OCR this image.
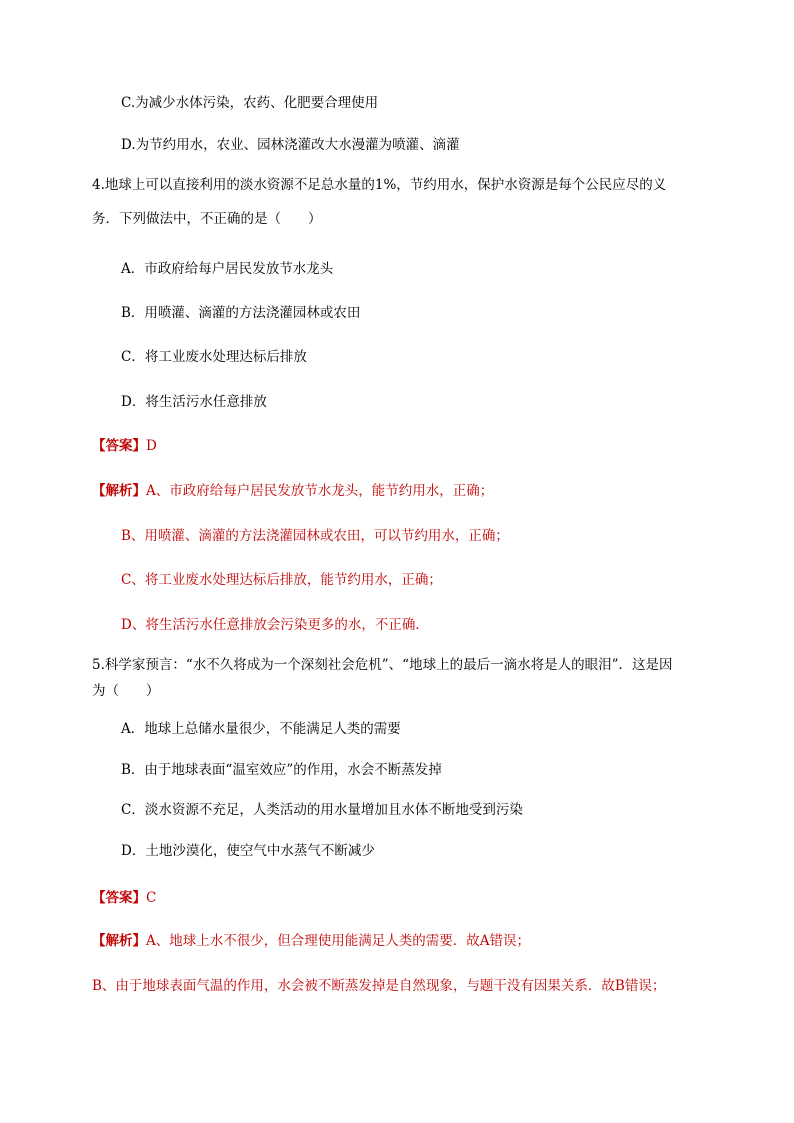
C.为减少水体污染，农药、化肥要合理使用
D.为节约用水，农业、园林浇灌改大水漫灌为喷灌、滴灌
4.地球上可以直接利用的淡水资源不足总水量的1%，节约用水，保护水资源是每个公民应尽的义
务．下列做法中，不正确的是（　　）
A．市政府给每户居民发放节水龙头
B．用喷灌、滴灌的方法浇灌园林或农田
C．将工业废水处理达标后排放
D．将生活污水任意排放
【答案】D
【解析】A、市政府给每户居民发放节水龙头，能节约用水，正确；
B、用喷灌、滴灌的方法浇灌园林或农田，可以节约用水，正确；
C、将工业废水处理达标后排放，能节约用水，正确；
D、将生活污水任意排放会污染更多的水，不正确．
5.科学家预言：“水不久将成为一个深刻社会危机”、“地球上的最后一滴水将是人的眼泪”．这是因
为（　　）
A．地球上总储水量很少，不能满足人类的需要
B．由于地球表面“温室效应”的作用，水会不断蒸发掉
C．淡水资源不充足，人类活动的用水量增加且水体不断地受到污染
D．土地沙漠化，使空气中水蒸气不断减少
【答案】C
【解析】A、地球上水不很少，但合理使用能满足人类的需要．故A错误；
B、由于地球表面气温的作用，水会被不断蒸发掉是自然现象，与题干没有因果关系．故B错误；
